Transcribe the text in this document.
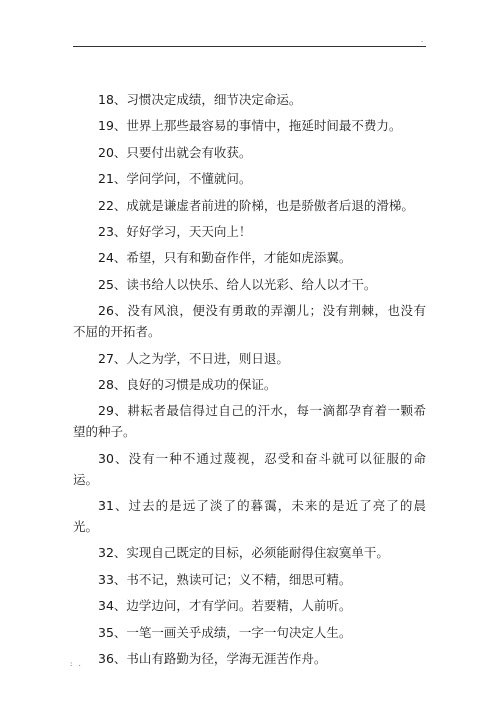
.

18、习惯决定成绩，细节决定命运。

19、世界上那些最容易的事情中，拖延时间最不费力。

20、只要付出就会有收获。

21、学问学问，不懂就问。

22、成就是谦虚者前进的阶梯，也是骄傲者后退的滑梯。

23、好好学习，天天向上！

24、希望，只有和勤奋作伴，才能如虎添翼。

25、读书给人以快乐、给人以光彩、给人以才干。

26、没有风浪，便没有勇敢的弄潮儿；没有荆棘，也没有不屈的开拓者。

27、人之为学，不日进，则日退。

28、良好的习惯是成功的保证。

29、耕耘者最信得过自己的汗水，每一滴都孕育着一颗希望的种子。

30、没有一种不通过蔑视，忍受和奋斗就可以征服的命运。

31、过去的是远了淡了的暮霭，未来的是近了亮了的晨光。

32、实现自己既定的目标，必须能耐得住寂寞单干。

33、书不记，熟读可记；义不精，细思可精。

34、边学边问，才有学问。若要精，人前听。

35、一笔一画关乎成绩，一字一句决定人生。

36、书山有路勤为径，学海无涯苦作舟。

: .
